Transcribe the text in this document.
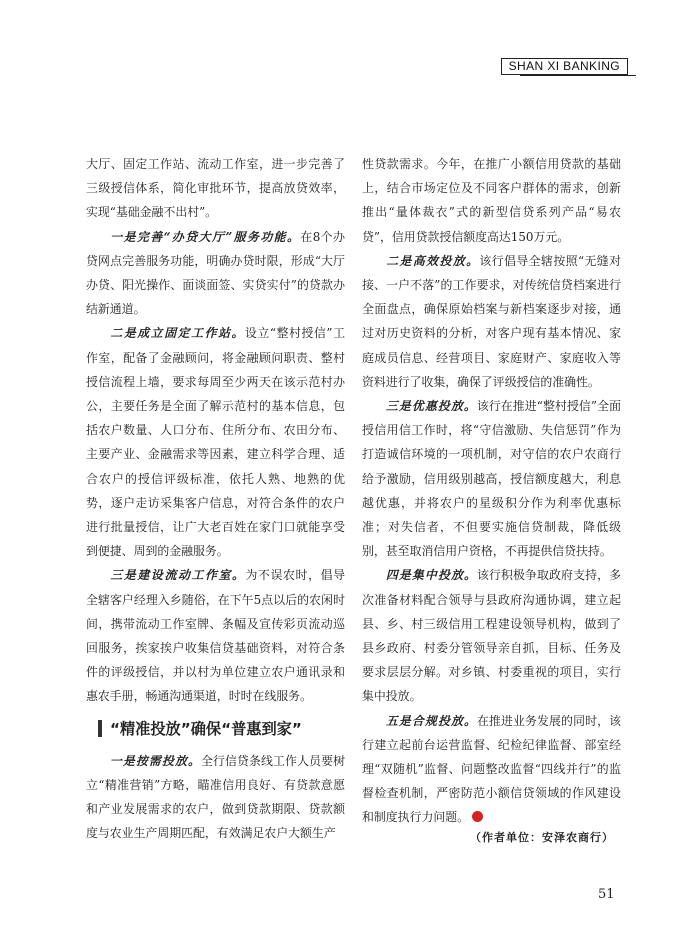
SHAN XI BANKING

大厅、固定工作站、流动工作室，进一步完善了三级授信体系，简化审批环节，提高放贷效率，实现“基础金融不出村”。

  一是完善“办贷大厅”服务功能。在8个办贷网点完善服务功能，明确办贷时限，形成“大厅办贷、阳光操作、面谈面签、实贷实付”的贷款办结新通道。

  二是成立固定工作站。设立“整村授信”工作室，配备了金融顾问，将金融顾问职责、整村授信流程上墙，要求每周至少两天在该示范村办公，主要任务是全面了解示范村的基本信息，包括农户数量、人口分布、住所分布、农田分布、主要产业、金融需求等因素，建立科学合理、适合农户的授信评级标准，依托人熟、地熟的优势，逐户走访采集客户信息，对符合条件的农户进行批量授信，让广大老百姓在家门口就能享受到便捷、周到的金融服务。

  三是建设流动工作室。为不误农时，倡导全辖客户经理入乡随俗，在下午5点以后的农闲时间，携带流动工作室牌、条幅及宣传彩页流动巡回服务，挨家挨户收集信贷基础资料，对符合条件的评级授信，并以村为单位建立农户通讯录和惠农手册，畅通沟通渠道，时时在线服务。

“精准投放”确保“普惠到家”

  一是按需投放。全行信贷条线工作人员要树立“精准营销”方略，瞄准信用良好、有贷款意愿和产业发展需求的农户，做到贷款期限、贷款额度与农业生产周期匹配，有效满足农户大额生产

性贷款需求。今年，在推广小额信用贷款的基础上，结合市场定位及不同客户群体的需求，创新推出“量体裁衣”式的新型信贷系列产品“易农贷”，信用贷款授信额度高达150万元。

  二是高效投放。该行倡导全辖按照“无缝对接、一户不落”的工作要求，对传统信贷档案进行全面盘点，确保原始档案与新档案逐步对接，通过对历史资料的分析，对客户现有基本情况、家庭成员信息、经营项目、家庭财产、家庭收入等资料进行了收集，确保了评级授信的准确性。

  三是优惠投放。该行在推进“整村授信”全面授信用信工作时，将“守信激励、失信惩罚”作为打造诚信环境的一项机制，对守信的农户农商行给予激励，信用级别越高，授信额度越大，利息越优惠，并将农户的星级积分作为利率优惠标准；对失信者，不但要实施信贷制裁，降低级别，甚至取消信用户资格，不再提供信贷扶持。

  四是集中投放。该行积极争取政府支持，多次准备材料配合领导与县政府沟通协调，建立起县、乡、村三级信用工程建设领导机构，做到了县乡政府、村委分管领导亲自抓，目标、任务及要求层层分解。对乡镇、村委重视的项目，实行集中投放。

  五是合规投放。在推进业务发展的同时，该行建立起前台运营监督、纪检纪律监督、部室经理“双随机”监督、问题整改监督“四线并行”的监督检查机制，严密防范小额信贷领域的作风建设和制度执行力问题。

（作者单位：安泽农商行）
51
